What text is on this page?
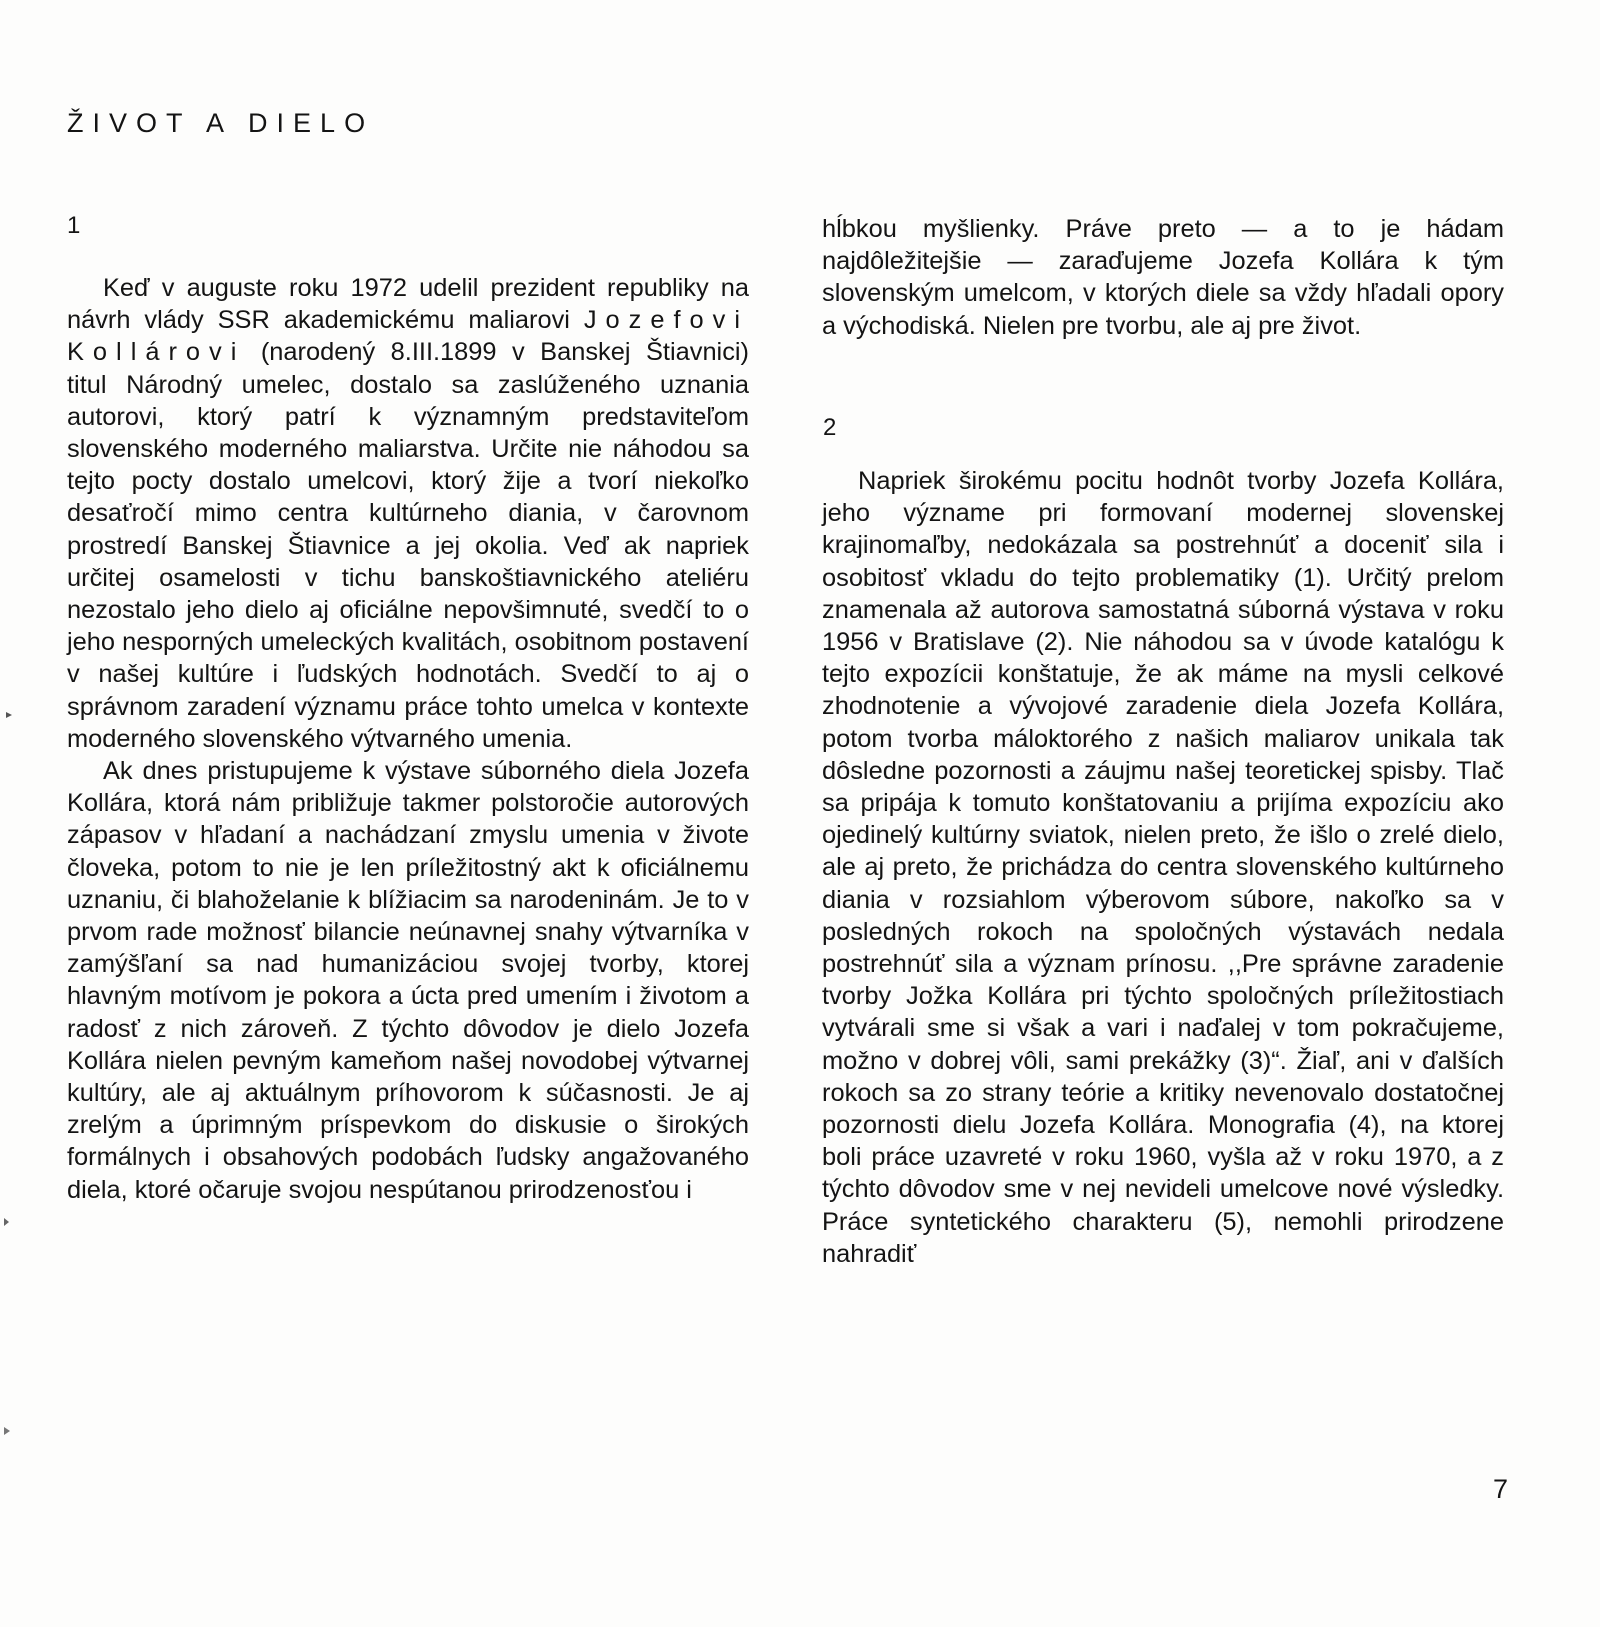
ŽIVOT A DIELO
1

Keď v auguste roku 1972 udelil prezident republiky na návrh vlády SSR akademickému maliarovi Jozefovi Kollárovi (narodený 8.III.1899 v Banskej Štiavnici) titul Národný umelec, dostalo sa zaslúženého uznania autorovi, ktorý patrí k významným predstaviteľom slovenského moderného maliarstva. Určite nie náhodou sa tejto pocty dostalo umelcovi, ktorý žije a tvorí niekoľko desaťročí mimo centra kultúrneho diania, v čarovnom prostredí Banskej Štiavnice a jej okolia. Veď ak napriek určitej osamelosti v tichu banskoštiavnického ateliéru nezostalo jeho dielo aj oficiálne nepovšimnuté, svedčí to o jeho nesporných umeleckých kvalitách, osobitnom postavení v našej kultúre i ľudských hodnotách. Svedčí to aj o správnom zaradení významu práce tohto umelca v kontexte moderného slovenského výtvarného umenia.

Ak dnes pristupujeme k výstave súborného diela Jozefa Kollára, ktorá nám približuje takmer polstoročie autorových zápasov v hľadaní a nachádzaní zmyslu umenia v živote človeka, potom to nie je len príležitostný akt k oficiálnemu uznaniu, či blahoželanie k blížiacim sa narodeninám. Je to v prvom rade možnosť bilancie neúnavnej snahy výtvarníka v zamýšľaní sa nad humanizáciou svojej tvorby, ktorej hlavným motívom je pokora a úcta pred umením i životom a radosť z nich zároveň. Z týchto dôvodov je dielo Jozefa Kollára nielen pevným kameňom našej novodobej výtvarnej kultúry, ale aj aktuálnym príhovorom k súčasnosti. Je aj zrelým a úprimným príspevkom do diskusie o širokých formálnych i obsahových podobách ľudsky angažovaného diela, ktoré očaruje svojou nespútanou prirodzenosťou i

hĺbkou myšlienky. Práve preto — a to je hádam najdôležitejšie — zaraďujeme Jozefa Kollára k tým slovenským umelcom, v ktorých diele sa vždy hľadali opory a východiská. Nielen pre tvorbu, ale aj pre život.

2

Napriek širokému pocitu hodnôt tvorby Jozefa Kollára, jeho význame pri formovaní modernej slovenskej krajinomaľby, nedokázala sa postrehnúť a doceniť sila i osobitosť vkladu do tejto problematiky (1). Určitý prelom znamenala až autorova samostatná súborná výstava v roku 1956 v Bratislave (2). Nie náhodou sa v úvode katalógu k tejto expozícii konštatuje, že ak máme na mysli celkové zhodnotenie a vývojové zaradenie diela Jozefa Kollára, potom tvorba máloktorého z našich maliarov unikala tak dôsledne pozornosti a záujmu našej teoretickej spisby. Tlač sa pripája k tomuto konštatovaniu a prijíma expozíciu ako ojedinelý kultúrny sviatok, nielen preto, že išlo o zrelé dielo, ale aj preto, že prichádza do centra slovenského kultúrneho diania v rozsiahlom výberovom súbore, nakoľko sa v posledných rokoch na spoločných výstavách nedala postrehnúť sila a význam prínosu. ,,Pre správne zaradenie tvorby Jožka Kollára pri týchto spoločných príležitostiach vytvárali sme si však a vari i naďalej v tom pokračujeme, možno v dobrej vôli, sami prekážky (3)“. Žiaľ, ani v ďalších rokoch sa zo strany teórie a kritiky nevenovalo dostatočnej pozornosti dielu Jozefa Kollára. Monografia (4), na ktorej boli práce uzavreté v roku 1960, vyšla až v roku 1970, a z týchto dôvodov sme v nej nevideli umelcove nové výsledky. Práce syntetického charakteru (5), nemohli prirodzene nahradiť

7
